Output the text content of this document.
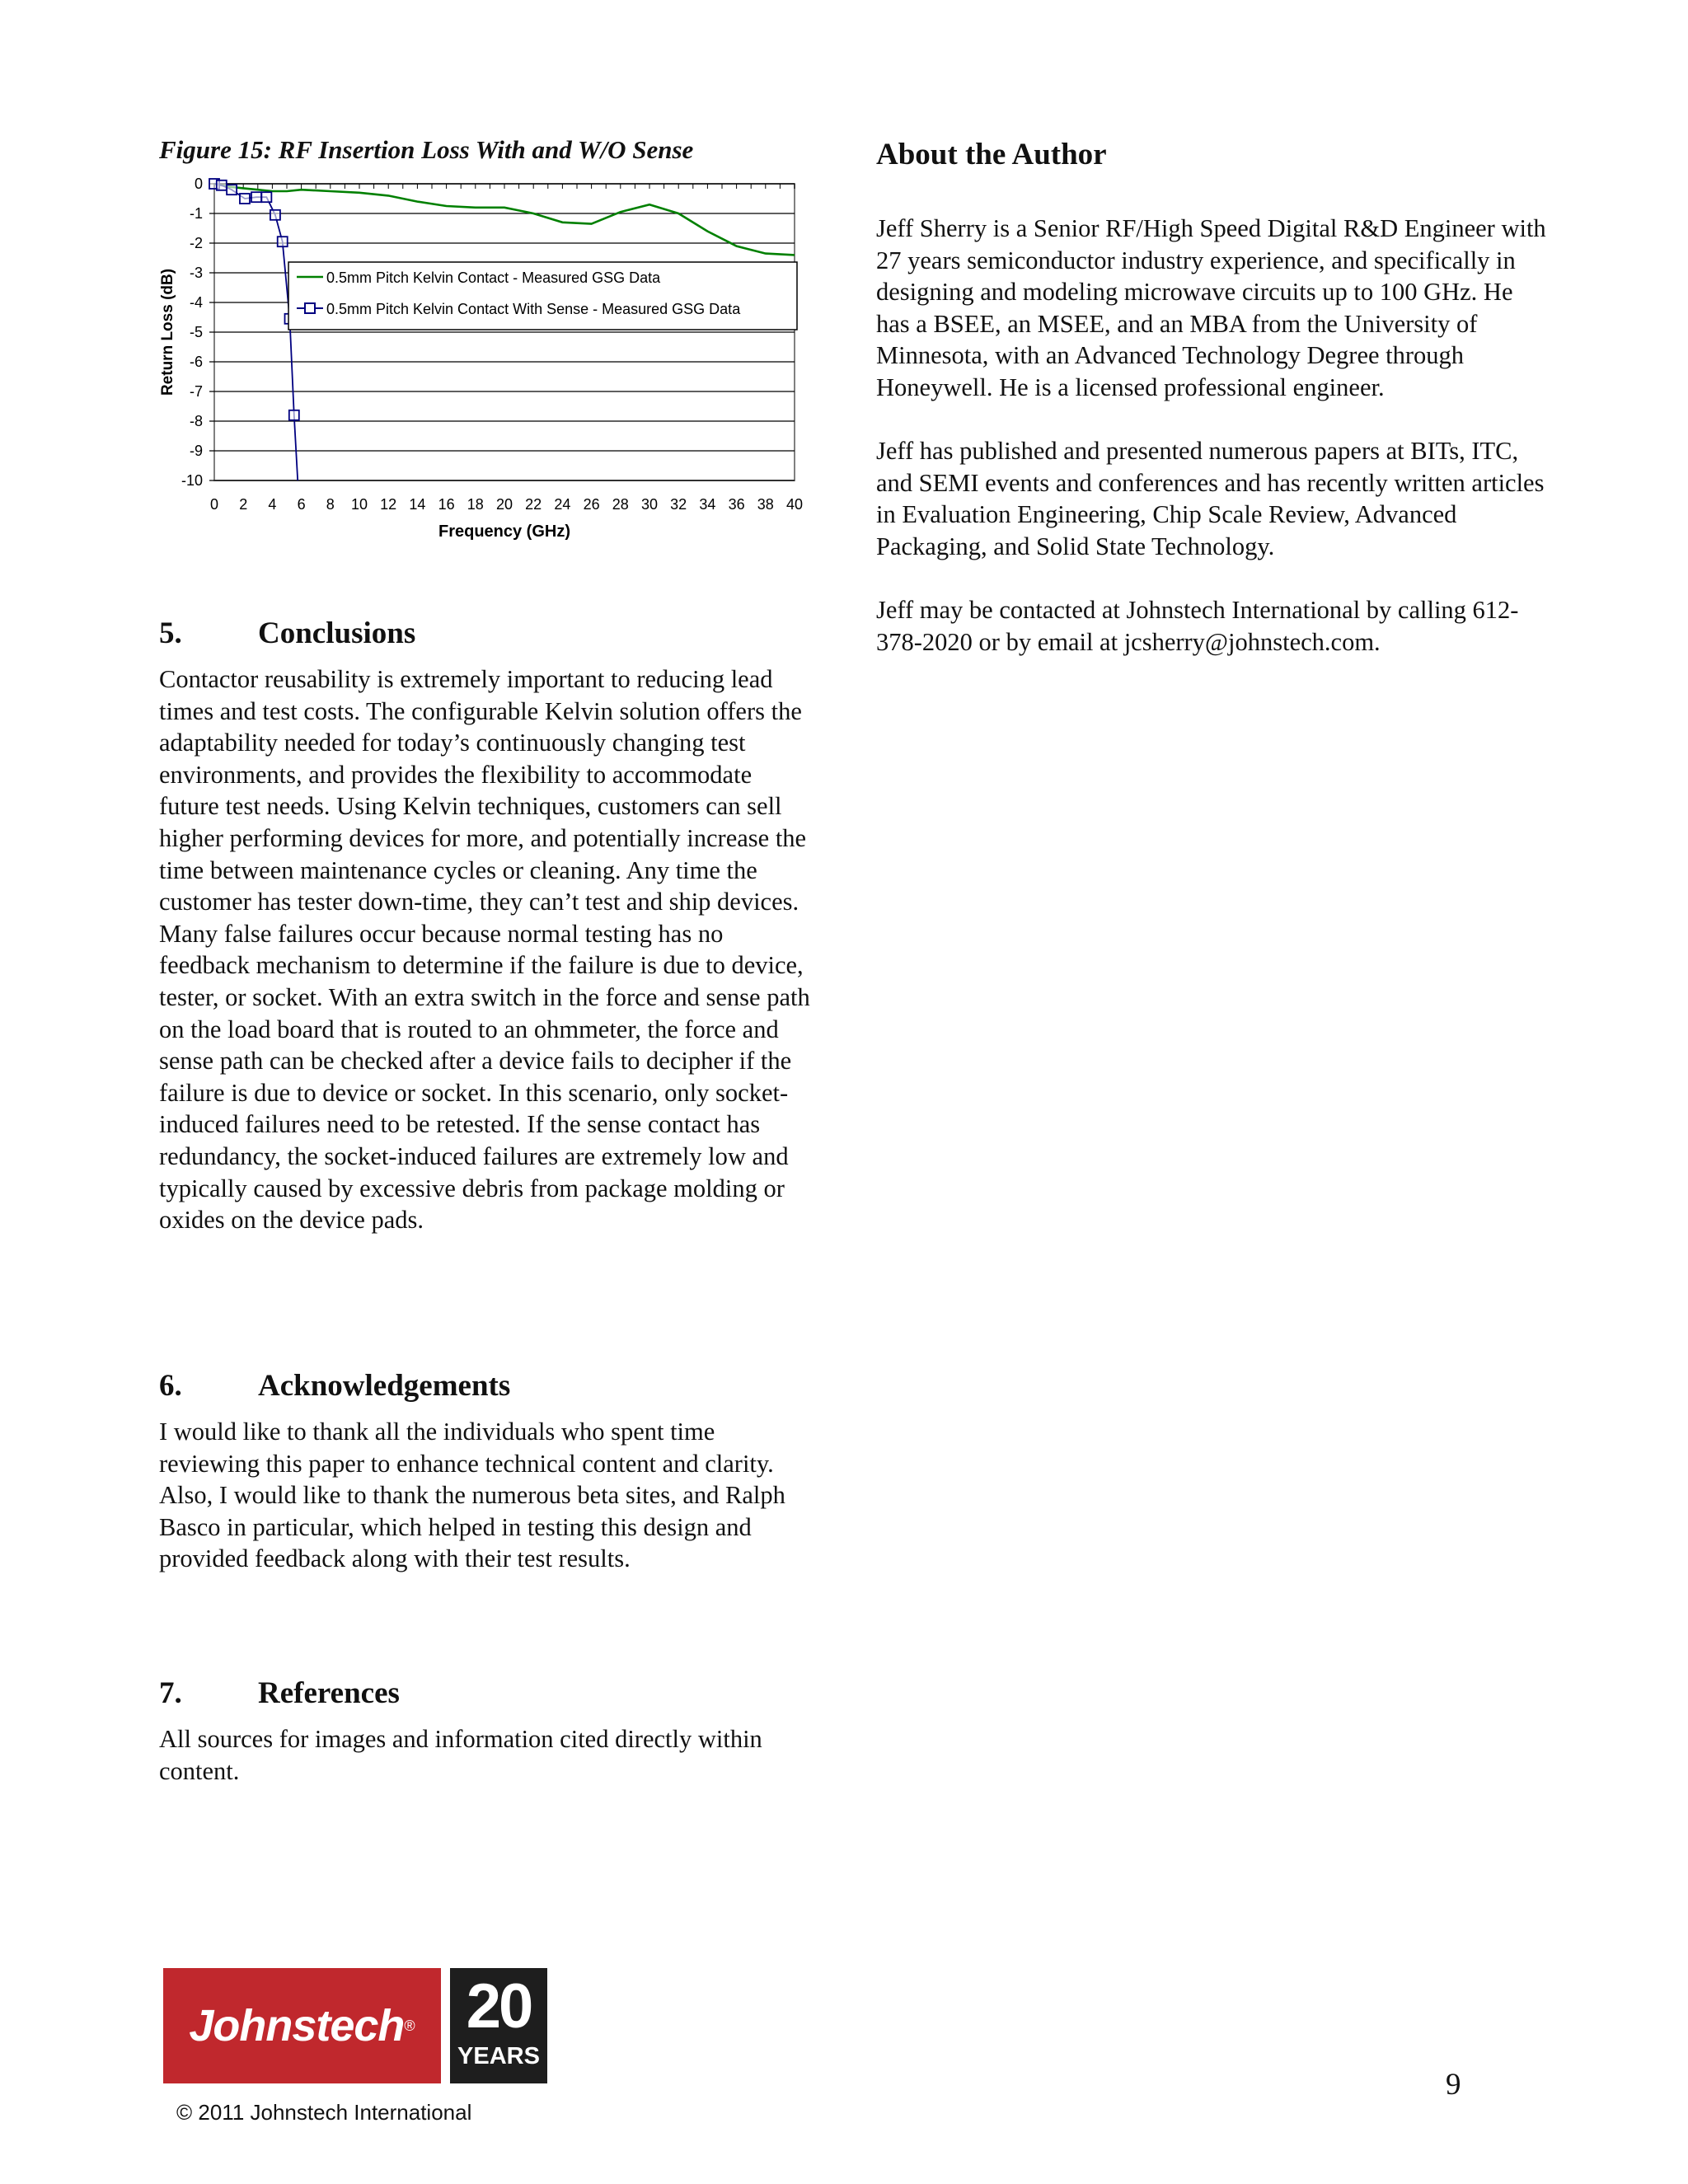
Figure 15: RF Insertion Loss With and W/O Sense
0
-1
-2
-3
-4
-5
-6
-7
-8
-9
-10
0 2 4 6 8 10 12 14 16 18 20 22 24 26 28 30 32 34 36 38 40
Frequency (GHz)
Return Loss (dB)	0.5mm Pitch Kelvin Contact - Measured GSG Data
0.5mm Pitch Kelvin Contact With Sense - Measured GSG Data
About the Author

Jeff Sherry is a Senior RF/High Speed Digital R&D Engineer with 27 years semiconductor industry experience, and specifically in designing and modeling microwave circuits up to 100 GHz. He has a BSEE, an MSEE, and an MBA from the University of Minnesota, with an Advanced Technology Degree through Honeywell. He is a licensed professional engineer.

Jeff has published and presented numerous papers at BITs, ITC, and SEMI events and conferences and has recently written articles in Evaluation Engineering, Chip Scale Review, Advanced Packaging, and Solid State Technology.

Jeff may be contacted at Johnstech International by calling 612-378-2020 or by email at jcsherry@johnstech.com.

5. Conclusions

Contactor reusability is extremely important to reducing lead times and test costs. The configurable Kelvin solution offers the adaptability needed for today’s continuously changing test environments, and provides the flexibility to accommodate future test needs. Using Kelvin techniques, customers can sell higher performing devices for more, and potentially increase the time between maintenance cycles or cleaning. Any time the customer has tester down-time, they can’t test and ship devices. Many false failures occur because normal testing has no feedback mechanism to determine if the failure is due to device, tester, or socket. With an extra switch in the force and sense path on the load board that is routed to an ohmmeter, the force and sense path can be checked after a device fails to decipher if the failure is due to device or socket. In this scenario, only socket-induced failures need to be retested. If the sense contact has redundancy, the socket-induced failures are extremely low and typically caused by excessive debris from package molding or oxides on the device pads.

6. Acknowledgements

I would like to thank all the individuals who spent time reviewing this paper to enhance technical content and clarity. Also, I would like to thank the numerous beta sites, and Ralph Basco in particular, which helped in testing this design and provided feedback along with their test results.

7. References

All sources for images and information cited directly within content.

Johnstech ® 20
YEARS
© 2011 Johnstech International
9
